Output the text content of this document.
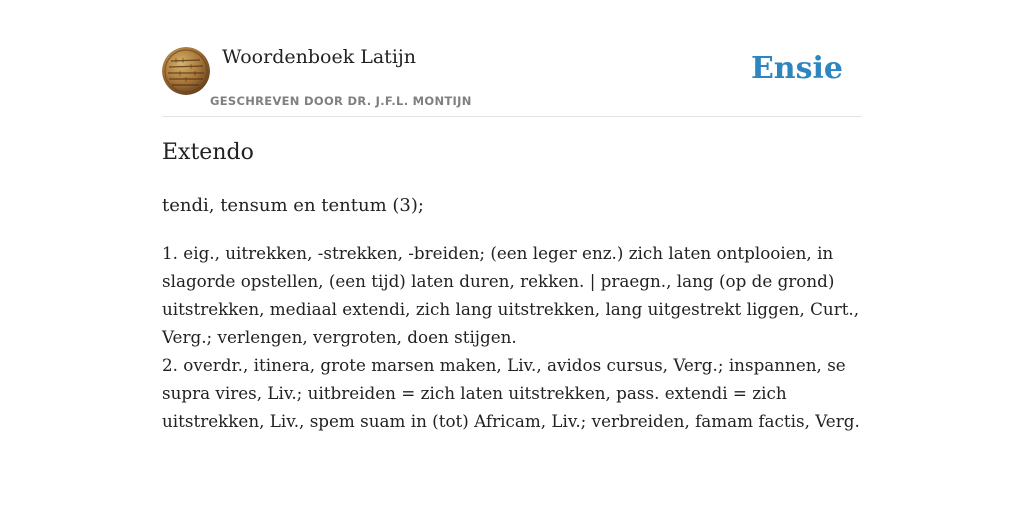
Woordenboek Latijn
GESCHREVEN DOOR DR. J.F.L. MONTIJN
Ensie
Extendo

tendi, tensum en tentum (3);

1. eig., uitrekken, -strekken, -breiden; (een leger enz.) zich laten ontplooien, in
slagorde opstellen, (een tijd) laten duren, rekken. | praegn., lang (op de grond)
uitstrekken, mediaal extendi, zich lang uitstrekken, lang uitgestrekt liggen, Curt.,
Verg.; verlengen, vergroten, doen stijgen.
2. overdr., itinera, grote marsen maken, Liv., avidos cursus, Verg.; inspannen, se
supra vires, Liv.; uitbreiden = zich laten uitstrekken, pass. extendi = zich
uitstrekken, Liv., spem suam in (tot) Africam, Liv.; verbreiden, famam factis, Verg.
